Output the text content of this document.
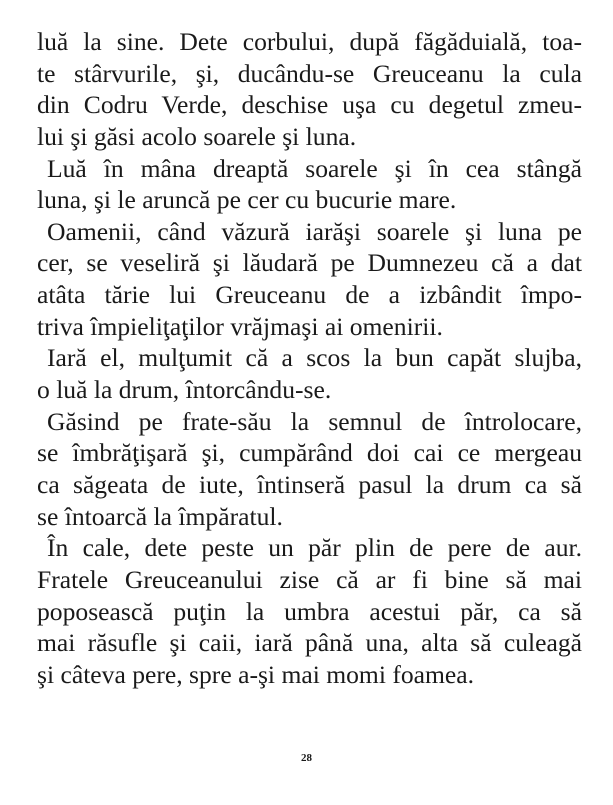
luă la sine. Dete corbului, după făgăduială, toa-
te stârvurile, şi, ducându-se Greuceanu la cula
din Codru Verde, deschise uşa cu degetul zmeu-
lui şi găsi acolo soarele şi luna.
Luă în mâna dreaptă soarele şi în cea stângă
luna, şi le aruncă pe cer cu bucurie mare.
Oamenii, când văzură iarăşi soarele şi luna pe
cer, se veseliră şi lăudară pe Dumnezeu că a dat
atâta tărie lui Greuceanu de a izbândit împo-
triva împieliţaţilor vrăjmaşi ai omenirii.
Iară el, mulţumit că a scos la bun capăt slujba,
o luă la drum, întorcându-se.
Găsind pe frate-său la semnul de întrolocare,
se îmbrăţişară şi, cumpărând doi cai ce mergeau
ca săgeata de iute, întinseră pasul la drum ca să
se întoarcă la împăratul.
În cale, dete peste un păr plin de pere de aur.
Fratele Greuceanului zise că ar fi bine să mai
poposească puţin la umbra acestui păr, ca să
mai răsufle şi caii, iară până una, alta să culeagă
şi câteva pere, spre a-şi mai momi foamea.
28
